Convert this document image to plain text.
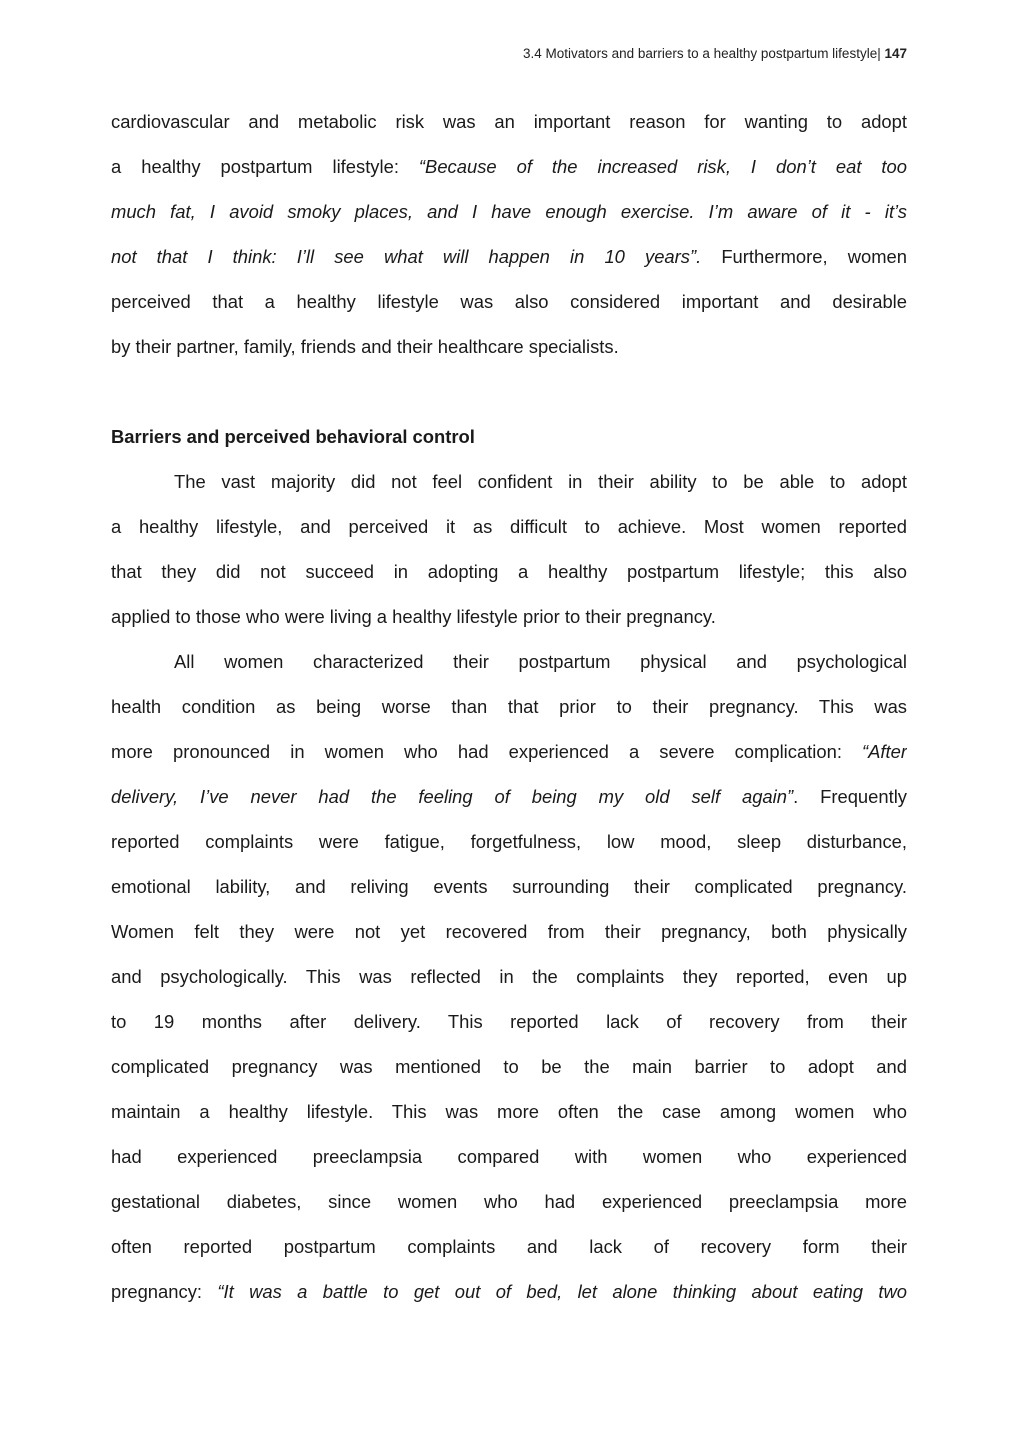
3.4 Motivators and barriers to a healthy postpartum lifestyle| 147
cardiovascular and metabolic risk was an important reason for wanting to adopt
a healthy postpartum lifestyle: “Because of the increased risk, I don’t eat too
much fat, I avoid smoky places, and I have enough exercise. I’m aware of it - it’s
not that I think: I’ll see what will happen in 10 years”. Furthermore, women
perceived that a healthy lifestyle was also considered important and desirable
by their partner, family, friends and their healthcare specialists.
Barriers and perceived behavioral control
The vast majority did not feel confident in their ability to be able to adopt
a healthy lifestyle, and perceived it as difficult to achieve. Most women reported
that they did not succeed in adopting a healthy postpartum lifestyle; this also
applied to those who were living a healthy lifestyle prior to their pregnancy.
All women characterized their postpartum physical and psychological
health condition as being worse than that prior to their pregnancy. This was
more pronounced in women who had experienced a severe complication: “After
delivery, I’ve never had the feeling of being my old self again”. Frequently
reported complaints were fatigue, forgetfulness, low mood, sleep disturbance,
emotional lability, and reliving events surrounding their complicated pregnancy.
Women felt they were not yet recovered from their pregnancy, both physically
and psychologically. This was reflected in the complaints they reported, even up
to 19 months after delivery. This reported lack of recovery from their
complicated pregnancy was mentioned to be the main barrier to adopt and
maintain a healthy lifestyle. This was more often the case among women who
had experienced preeclampsia compared with women who experienced
gestational diabetes, since women who had experienced preeclampsia more
often reported postpartum complaints and lack of recovery form their
pregnancy: “It was a battle to get out of bed, let alone thinking about eating two
